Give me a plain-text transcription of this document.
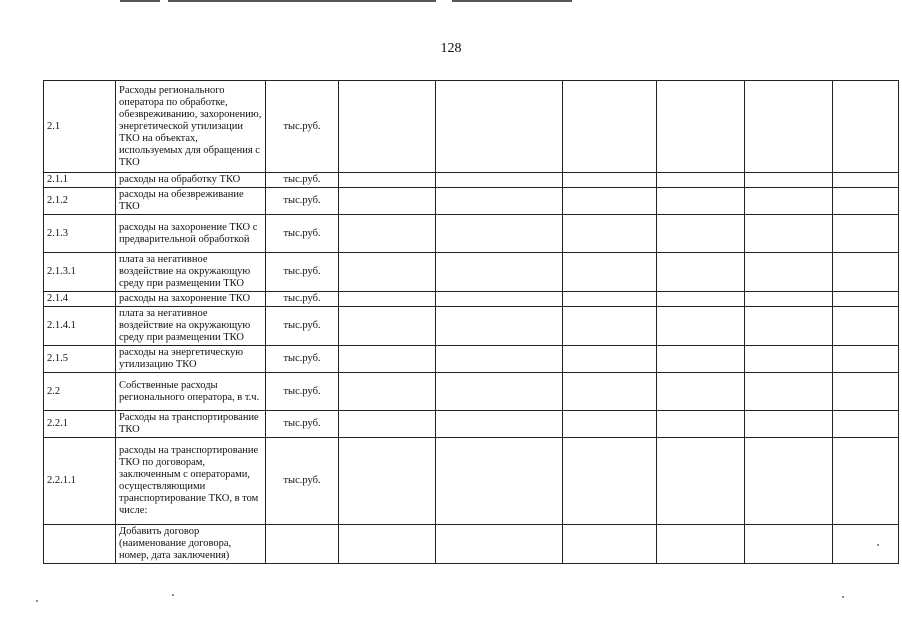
128
2.1	Расходы регионального оператора по обработке, обезвреживанию, захоронению, энергетической утилизации ТКО на объектах, используемых для обращения с ТКО	тыс.руб.						
2.1.1	расходы на обработку ТКО	тыс.руб.						
2.1.2	расходы на обезвреживание ТКО	тыс.руб.						
2.1.3	расходы на захоронение ТКО с предварительной обработкой	тыс.руб.						
2.1.3.1	плата за негативное воздействие на окружающую среду при размещении ТКО	тыс.руб.						
2.1.4	расходы на захоронение ТКО	тыс.руб.						
2.1.4.1	плата за негативное воздействие на окружающую среду при размещении ТКО	тыс.руб.						
2.1.5	расходы на энергетическую утилизацию ТКО	тыс.руб.						
2.2	Собственные расходы регионального оператора, в т.ч.	тыс.руб.						
2.2.1	Расходы на транспортирование ТКО	тыс.руб.						
2.2.1.1	расходы на транспортирование ТКО по договорам, заключенным с операторами, осуществляющими транспортирование ТКО, в том числе:	тыс.руб.						
	Добавить договор (наименование договора, номер, дата заключения)							
